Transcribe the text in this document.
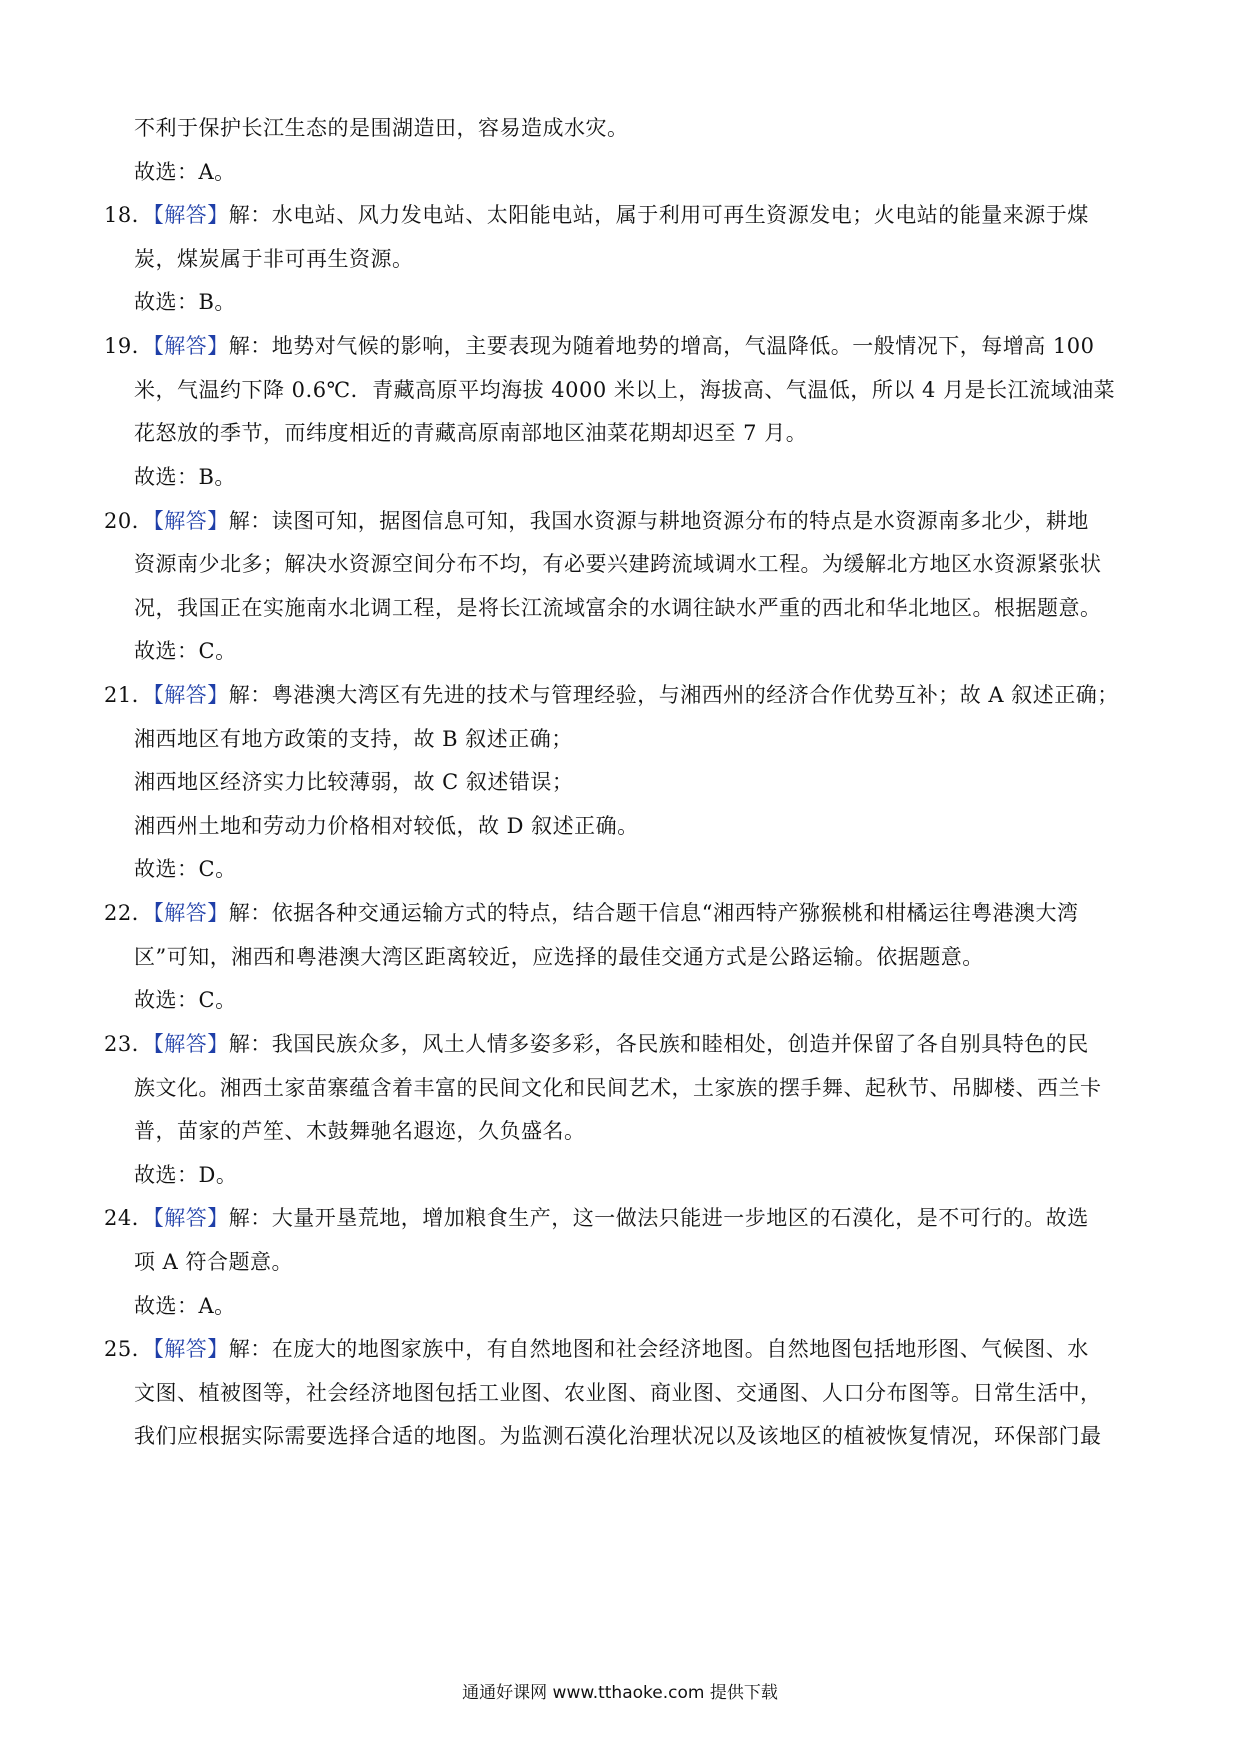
不利于保护长江生态的是围湖造田，容易造成水灾。
故选：A。
18．【解答】解：水电站、风力发电站、太阳能电站，属于利用可再生资源发电；火电站的能量来源于煤
炭，煤炭属于非可再生资源。
故选：B。
19．【解答】解：地势对气候的影响，主要表现为随着地势的增高，气温降低。一般情况下，每增高 100
米，气温约下降 0.6℃．青藏高原平均海拔 4000 米以上，海拔高、气温低，所以 4 月是长江流域油菜
花怒放的季节，而纬度相近的青藏高原南部地区油菜花期却迟至 7 月。
故选：B。
20．【解答】解：读图可知，据图信息可知，我国水资源与耕地资源分布的特点是水资源南多北少，耕地
资源南少北多；解决水资源空间分布不均，有必要兴建跨流域调水工程。为缓解北方地区水资源紧张状
况，我国正在实施南水北调工程，是将长江流域富余的水调往缺水严重的西北和华北地区。根据题意。
故选：C。
21．【解答】解：粤港澳大湾区有先进的技术与管理经验，与湘西州的经济合作优势互补；故 A 叙述正确；
湘西地区有地方政策的支持，故 B 叙述正确；
湘西地区经济实力比较薄弱，故 C 叙述错误；
湘西州土地和劳动力价格相对较低，故 D 叙述正确。
故选：C。
22．【解答】解：依据各种交通运输方式的特点，结合题干信息“湘西特产猕猴桃和柑橘运往粤港澳大湾
区”可知，湘西和粤港澳大湾区距离较近，应选择的最佳交通方式是公路运输。依据题意。
故选：C。
23．【解答】解：我国民族众多，风土人情多姿多彩，各民族和睦相处，创造并保留了各自别具特色的民
族文化。湘西土家苗寨蕴含着丰富的民间文化和民间艺术，土家族的摆手舞、起秋节、吊脚楼、西兰卡
普，苗家的芦笙、木鼓舞驰名遐迩，久负盛名。
故选：D。
24．【解答】解：大量开垦荒地，增加粮食生产，这一做法只能进一步地区的石漠化，是不可行的。故选
项 A 符合题意。
故选：A。
25．【解答】解：在庞大的地图家族中，有自然地图和社会经济地图。自然地图包括地形图、气候图、水
文图、植被图等，社会经济地图包括工业图、农业图、商业图、交通图、人口分布图等。日常生活中，
我们应根据实际需要选择合适的地图。为监测石漠化治理状况以及该地区的植被恢复情况，环保部门最
通通好课网 www.tthaoke.com 提供下载
